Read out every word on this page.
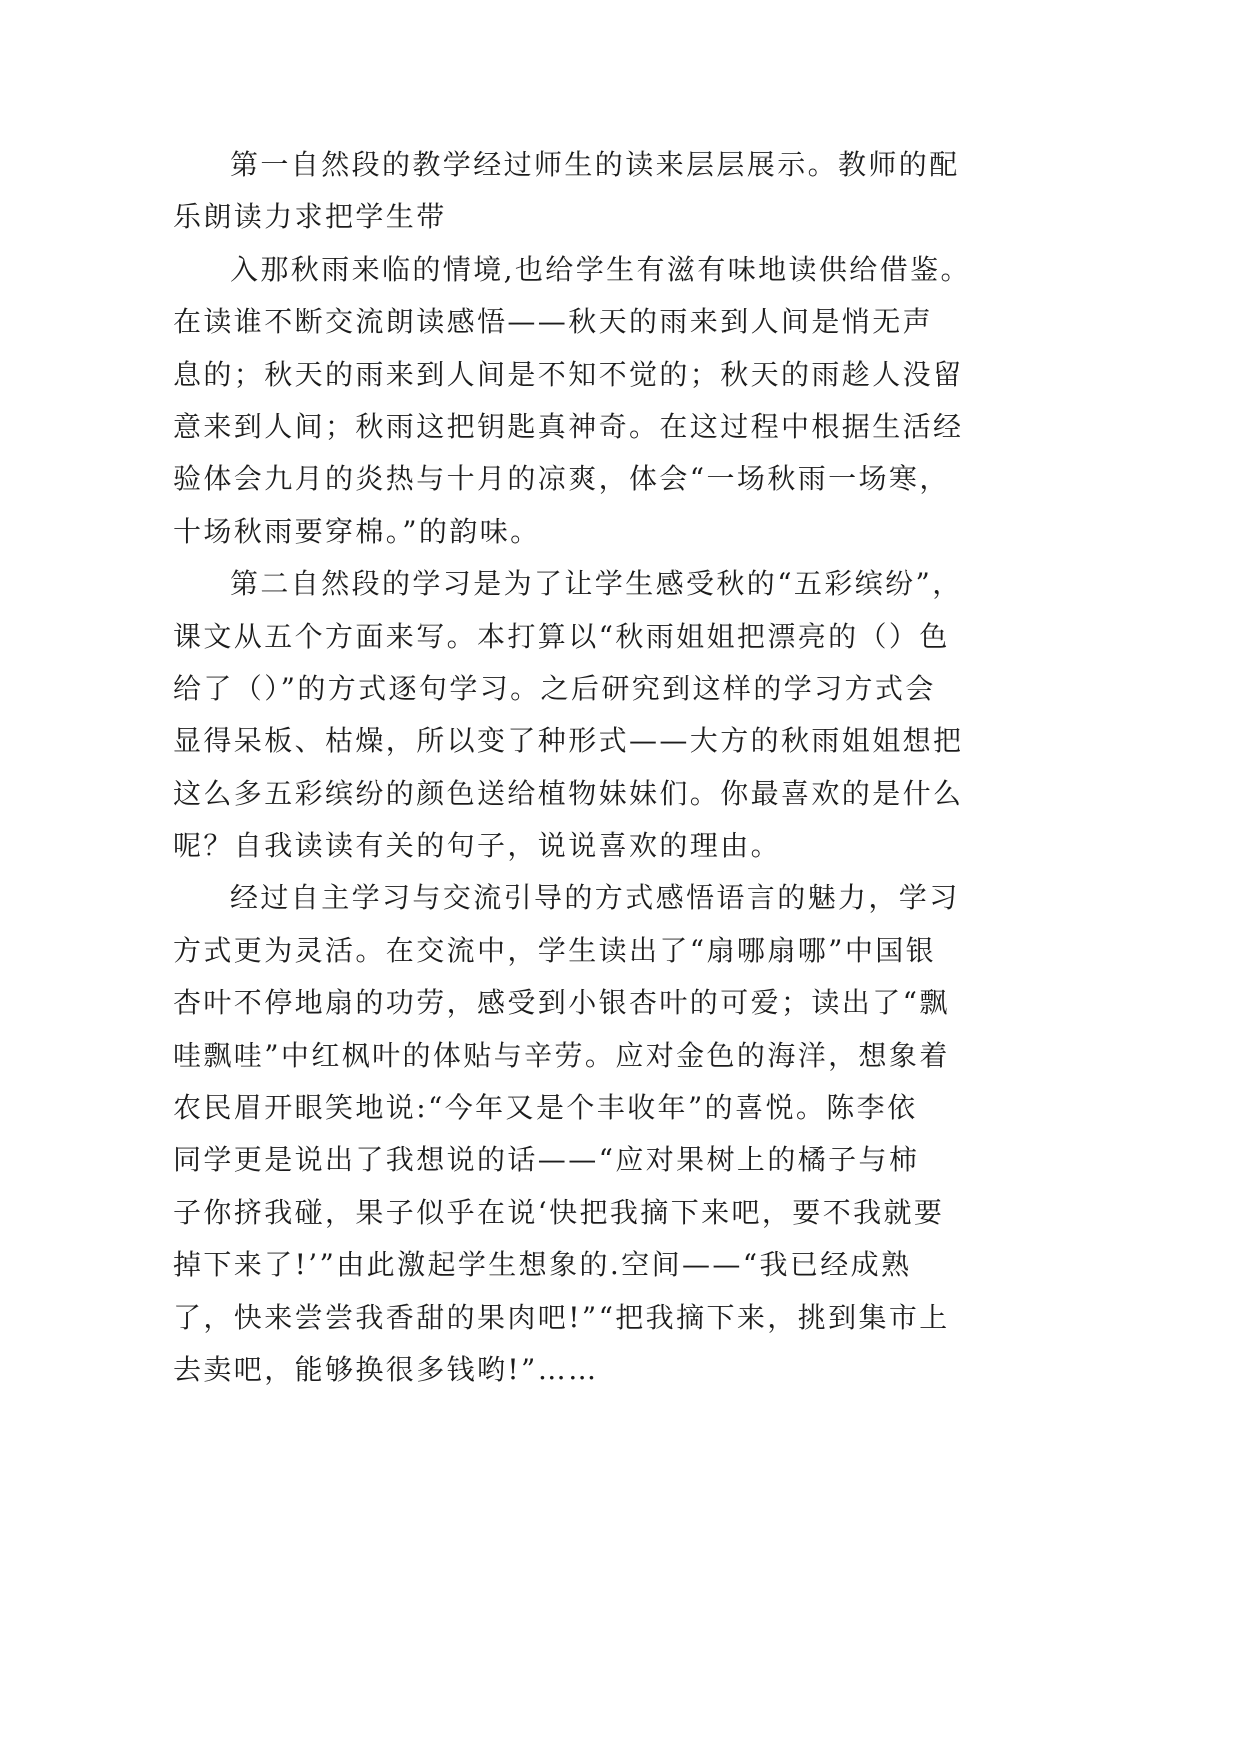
第一自然段的教学经过师生的读来层层展示。教师的配
乐朗读力求把学生带
入那秋雨来临的情境,也给学生有滋有味地读供给借鉴。
在读谁不断交流朗读感悟——秋天的雨来到人间是悄无声
息的；秋天的雨来到人间是不知不觉的；秋天的雨趁人没留
意来到人间；秋雨这把钥匙真神奇。在这过程中根据生活经
验体会九月的炎热与十月的凉爽，体会“一场秋雨一场寒，
十场秋雨要穿棉。”的韵味。
第二自然段的学习是为了让学生感受秋的“五彩缤纷”，
课文从五个方面来写。本打算以“秋雨姐姐把漂亮的（）色
给了（）”的方式逐句学习。之后研究到这样的学习方式会
显得呆板、枯燥，所以变了种形式——大方的秋雨姐姐想把
这么多五彩缤纷的颜色送给植物妹妹们。你最喜欢的是什么
呢？自我读读有关的句子，说说喜欢的理由。
经过自主学习与交流引导的方式感悟语言的魅力，学习
方式更为灵活。在交流中，学生读出了“扇哪扇哪”中国银
杏叶不停地扇的功劳，感受到小银杏叶的可爱；读出了“飘
哇飘哇”中红枫叶的体贴与辛劳。应对金色的海洋，想象着
农民眉开眼笑地说:“今年又是个丰收年”的喜悦。陈李依
同学更是说出了我想说的话——“应对果树上的橘子与柿
子你挤我碰，果子似乎在说‘快把我摘下来吧，要不我就要
掉下来了!’”由此激起学生想象的.空间——“我已经成熟
了，快来尝尝我香甜的果肉吧!”“把我摘下来，挑到集市上
去卖吧，能够换很多钱哟!”……
